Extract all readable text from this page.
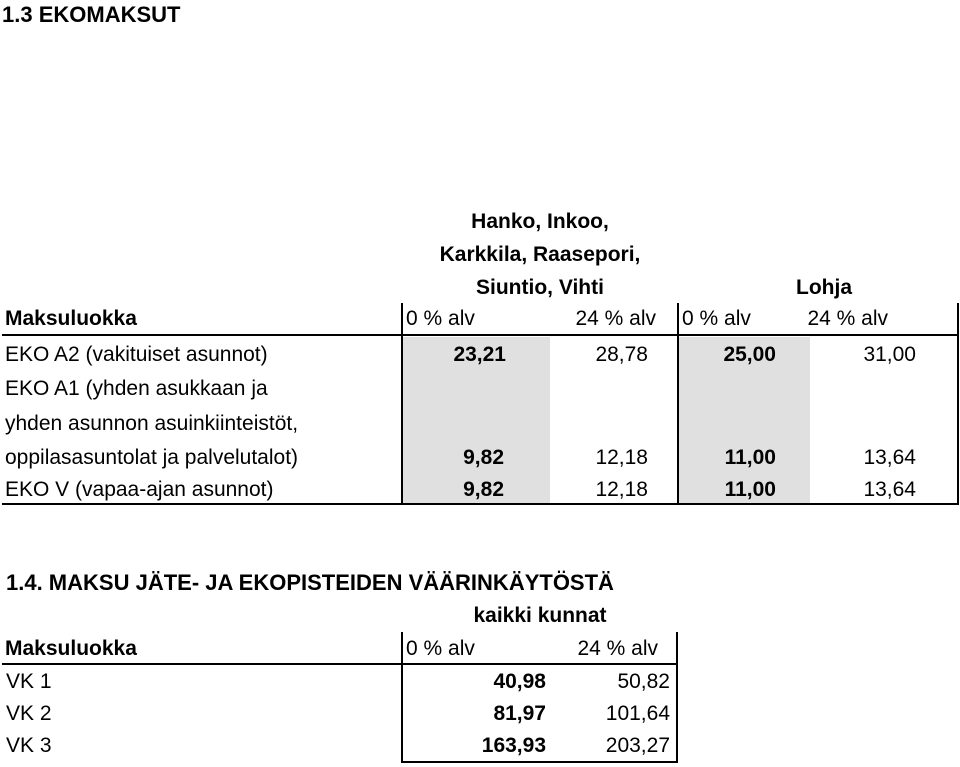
1.3 EKOMAKSUT
Hanko, Inkoo,
Karkkila, Raasepori,
Siuntio, Vihti	Lohja
Maksuluokka	0 % alv	24 % alv 0 % alv	24 % alv
EKO A2 (vakituiset asunnot)	23,21	28,78	25,00	31,00
EKO A1 (yhden asukkaan ja
yhden asunnon asuinkiinteistöt,
oppilasasuntolat ja palvelutalot)	9,82	12,18	11,00	13,64
EKO V (vapaa-ajan asunnot)	9,82	12,18	11,00	13,64
1.4. MAKSU JÄTE- JA EKOPISTEIDEN VÄÄRINKÄYTÖSTÄ
kaikki kunnat
Maksuluokka	0 % alv	24 % alv
VK 1	40,98	50,82
VK 2	81,97	101,64
VK 3	163,93	203,27
